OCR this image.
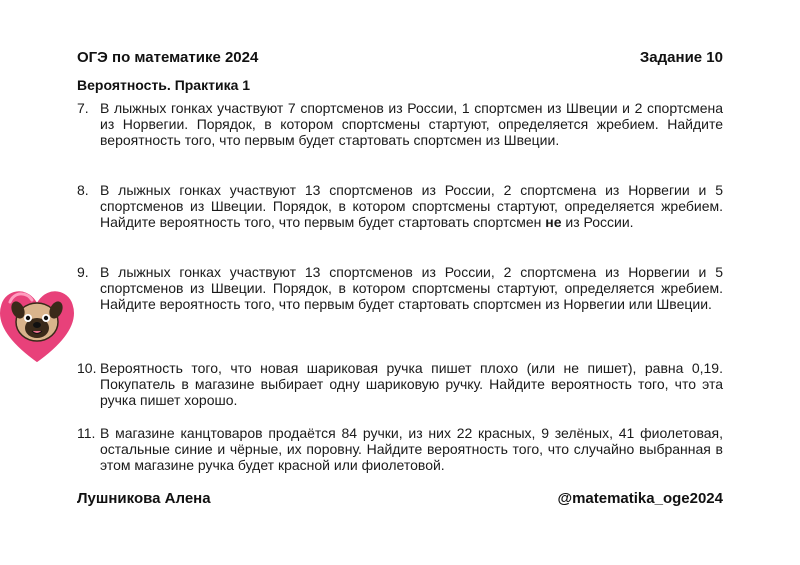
ОГЭ по математике 2024	Задание 10
Вероятность. Практика 1
7. В лыжных гонках участвуют 7 спортсменов из России, 1 спортсмен из Швеции и 2 спортсмена из Норвегии. Порядок, в котором спортсмены стартуют, определяется жребием. Найдите вероятность того, что первым будет стартовать спортсмен из Швеции.
8. В лыжных гонках участвуют 13 спортсменов из России, 2 спортсмена из Норвегии и 5 спортсменов из Швеции. Порядок, в котором спортсмены стартуют, определяется жребием. Найдите вероятность того, что первым будет стартовать спортсмен не из России.
9. В лыжных гонках участвуют 13 спортсменов из России, 2 спортсмена из Норвегии и 5 спортсменов из Швеции. Порядок, в котором спортсмены стартуют, определяется жребием. Найдите вероятность того, что первым будет стартовать спортсмен из Норвегии или Швеции.
10. Вероятность того, что новая шариковая ручка пишет плохо (или не пишет), равна 0,19. Покупатель в магазине выбирает одну шариковую ручку. Найдите вероятность того, что эта ручка пишет хорошо.
11. В магазине канцтоваров продаётся 84 ручки, из них 22 красных, 9 зелёных, 41 фиолетовая, остальные синие и чёрные, их поровну. Найдите вероятность того, что случайно выбранная в этом магазине ручка будет красной или фиолетовой.
Лушникова Алена	@matematika_oge2024
